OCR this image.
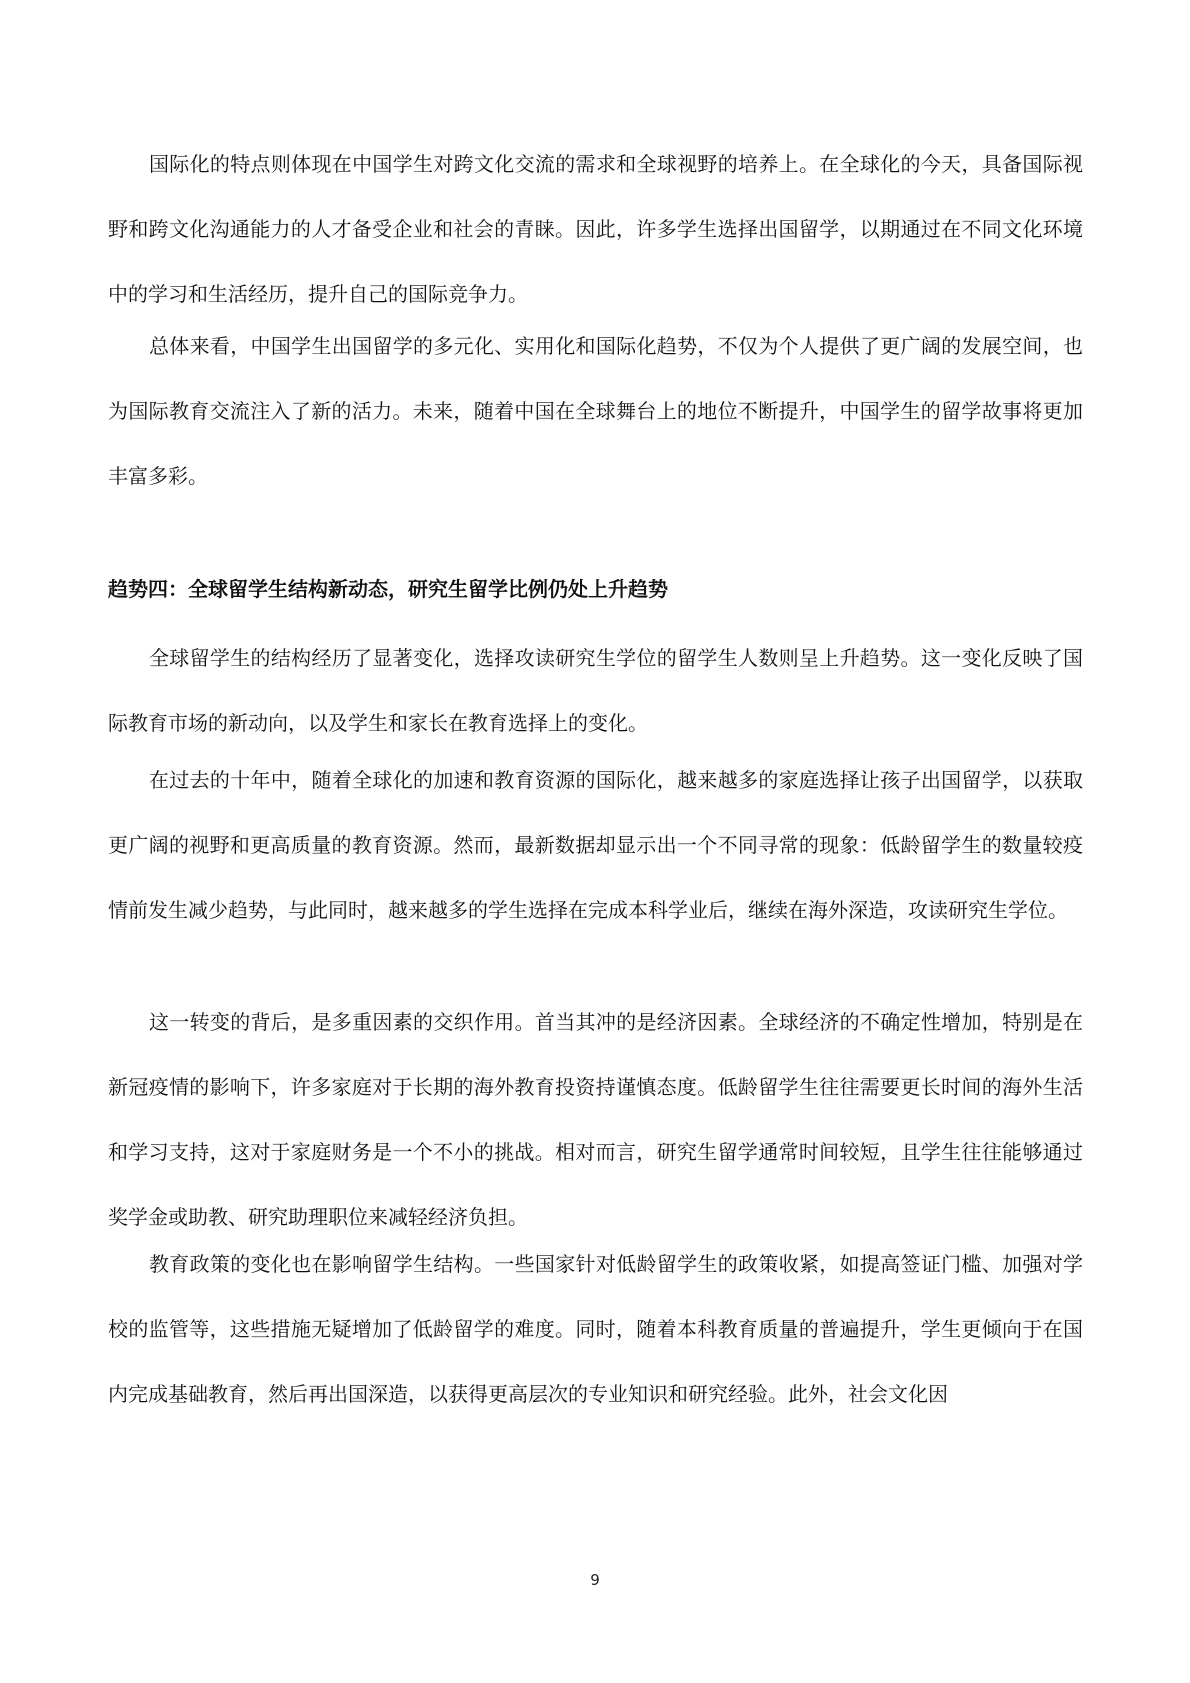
国际化的特点则体现在中国学生对跨文化交流的需求和全球视野的培养上。在全球化的今天，具备国际视野和跨文化沟通能力的人才备受企业和社会的青睐。因此，许多学生选择出国留学，以期通过在不同文化环境中的学习和生活经历，提升自己的国际竞争力。

总体来看，中国学生出国留学的多元化、实用化和国际化趋势，不仅为个人提供了更广阔的发展空间，也为国际教育交流注入了新的活力。未来，随着中国在全球舞台上的地位不断提升，中国学生的留学故事将更加丰富多彩。

趋势四：全球留学生结构新动态，研究生留学比例仍处上升趋势

全球留学生的结构经历了显著变化，选择攻读研究生学位的留学生人数则呈上升趋势。这一变化反映了国际教育市场的新动向，以及学生和家长在教育选择上的变化。

在过去的十年中，随着全球化的加速和教育资源的国际化，越来越多的家庭选择让孩子出国留学，以获取更广阔的视野和更高质量的教育资源。然而，最新数据却显示出一个不同寻常的现象：低龄留学生的数量较疫情前发生减少趋势，与此同时，越来越多的学生选择在完成本科学业后，继续在海外深造，攻读研究生学位。

这一转变的背后，是多重因素的交织作用。首当其冲的是经济因素。全球经济的不确定性增加，特别是在新冠疫情的影响下，许多家庭对于长期的海外教育投资持谨慎态度。低龄留学生往往需要更长时间的海外生活和学习支持，这对于家庭财务是一个不小的挑战。相对而言，研究生留学通常时间较短，且学生往往能够通过奖学金或助教、研究助理职位来减轻经济负担。

教育政策的变化也在影响留学生结构。一些国家针对低龄留学生的政策收紧，如提高签证门槛、加强对学校的监管等，这些措施无疑增加了低龄留学的难度。同时，随着本科教育质量的普遍提升，学生更倾向于在国内完成基础教育，然后再出国深造，以获得更高层次的专业知识和研究经验。此外，社会文化因

9
